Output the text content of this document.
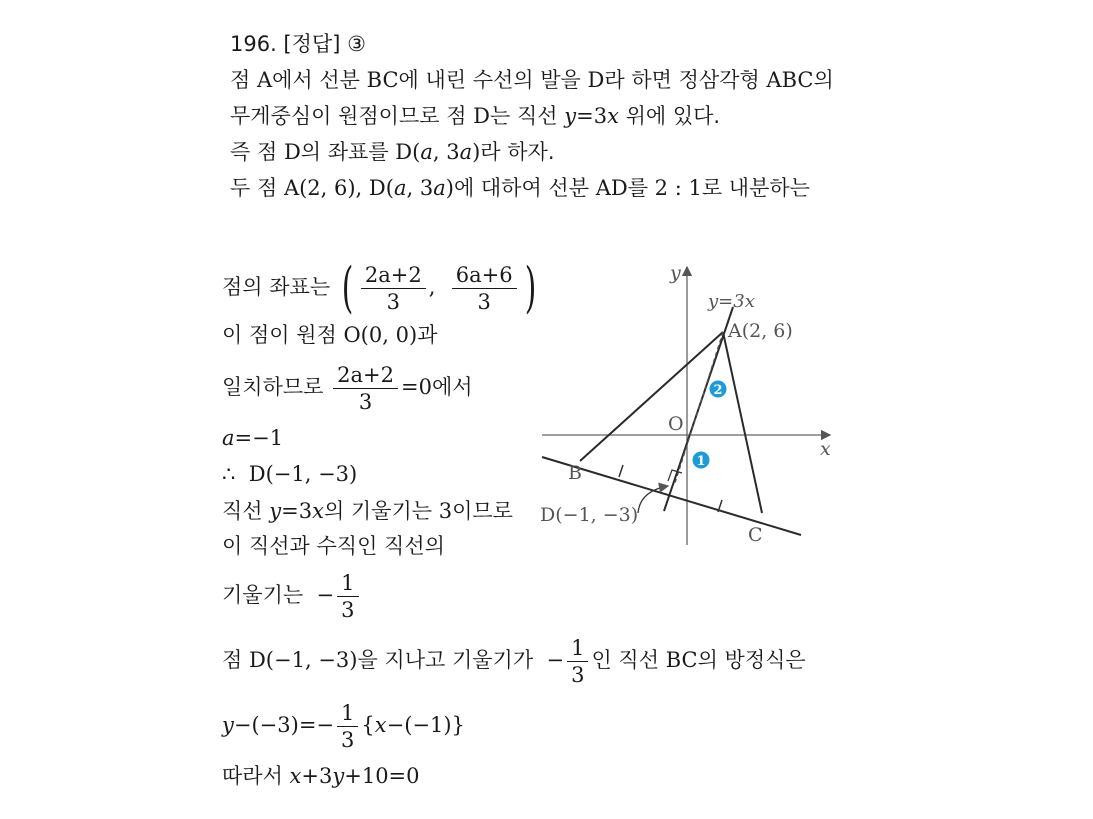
196. [정답] ③
점 A에서 선분 BC에 내린 수선의 발을 D라 하면 정삼각형 ABC의
무게중심이 원점이므로 점 D는 직선 y=3x 위에 있다.
즉 점 D의 좌표를 D(a, 3a)라 하자.
두 점 A(2, 6), D(a, 3a)에 대하여 선분 AD를 2 : 1로 내분하는
점의 좌표는 ( $\frac{2a+2}{3}$ , $\frac{6a+6}{3}$ )
이 점이 원점 O(0, 0)과
일치하므로 $\frac{2a+2}{3} =0$에서
a=−1
∴  D(−1, −3)
직선 y=3x의 기울기는 3이므로
이 직선과 수직인 직선의
기울기는  − $\frac{1}{3}$
점 D(−1, −3)을 지나고 기울기가  − $\frac{1}{3}$ 인 직선 BC의 방정식은
$y-(-3)=- \frac{1}{3} \{x-(-1)\}$
따라서 x+3y+10=0
x
y
y=3x
2
1
A(2, 6)
O
B
C
D(−1, −3)
